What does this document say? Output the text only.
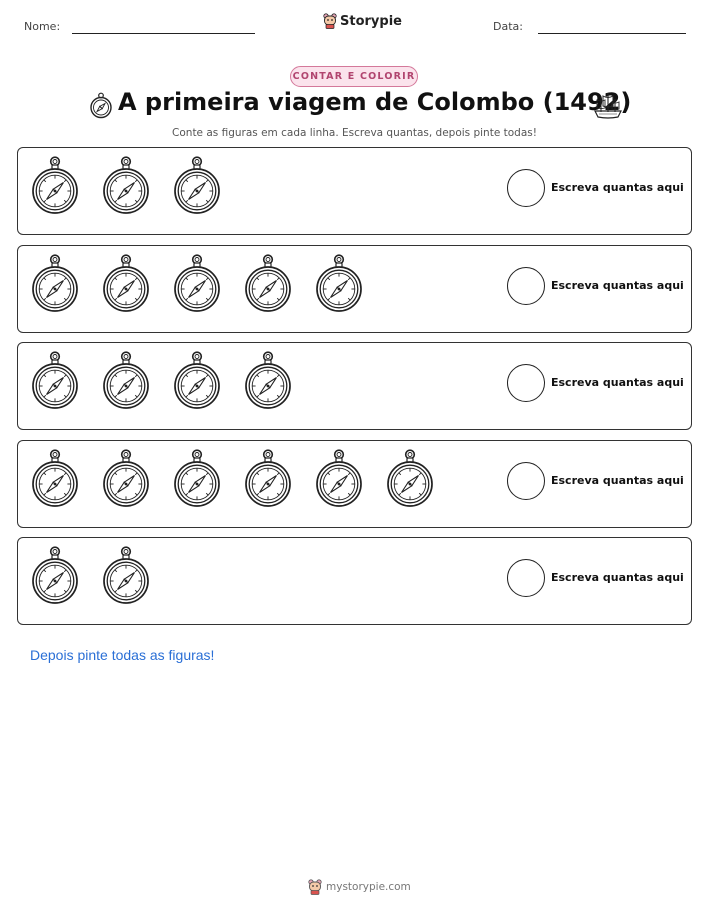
Nome:	Storypie	Data:
CONTAR E COLORIR
A primeira viagem de Colombo (1492)
Conte as figuras em cada linha. Escreva quantas, depois pinte todas!
Escreva quantas aqui
Escreva quantas aqui
Escreva quantas aqui
Escreva quantas aqui
Escreva quantas aqui
Depois pinte todas as figuras!
mystorypie.com
